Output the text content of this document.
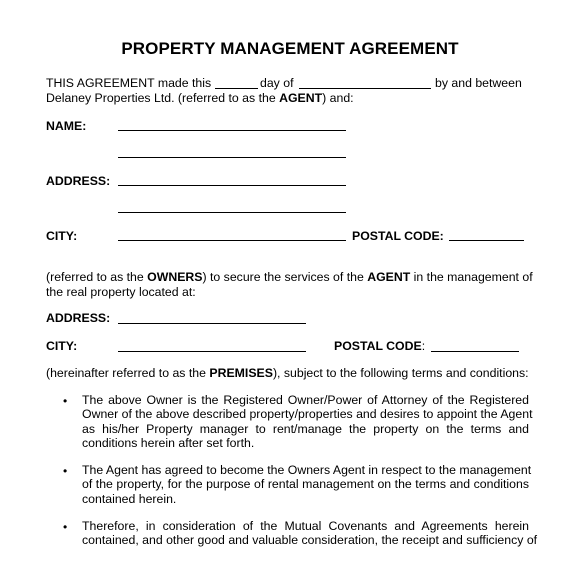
PROPERTY MANAGEMENT AGREEMENT
THIS AGREEMENT made this	day of	by and between
Delaney Properties Ltd. (referred to as the AGENT) and:
NAME:
ADDRESS:
CITY:	POSTAL CODE:
(referred to as the OWNERS) to secure the services of the AGENT in the management of
the real property located at:
ADDRESS:
CITY:	POSTAL CODE:
(hereinafter referred to as the PREMISES), subject to the following terms and conditions:
• The above Owner is the Registered Owner/Power of Attorney of the Registered
Owner of the above described property/properties and desires to appoint the Agent
as his/her Property manager to rent/manage the property on the terms and
conditions herein after set forth.
• The Agent has agreed to become the Owners Agent in respect to the management
of the property, for the purpose of rental management on the terms and conditions
contained herein.
• Therefore, in consideration of the Mutual Covenants and Agreements herein
contained, and other good and valuable consideration, the receipt and sufficiency of
